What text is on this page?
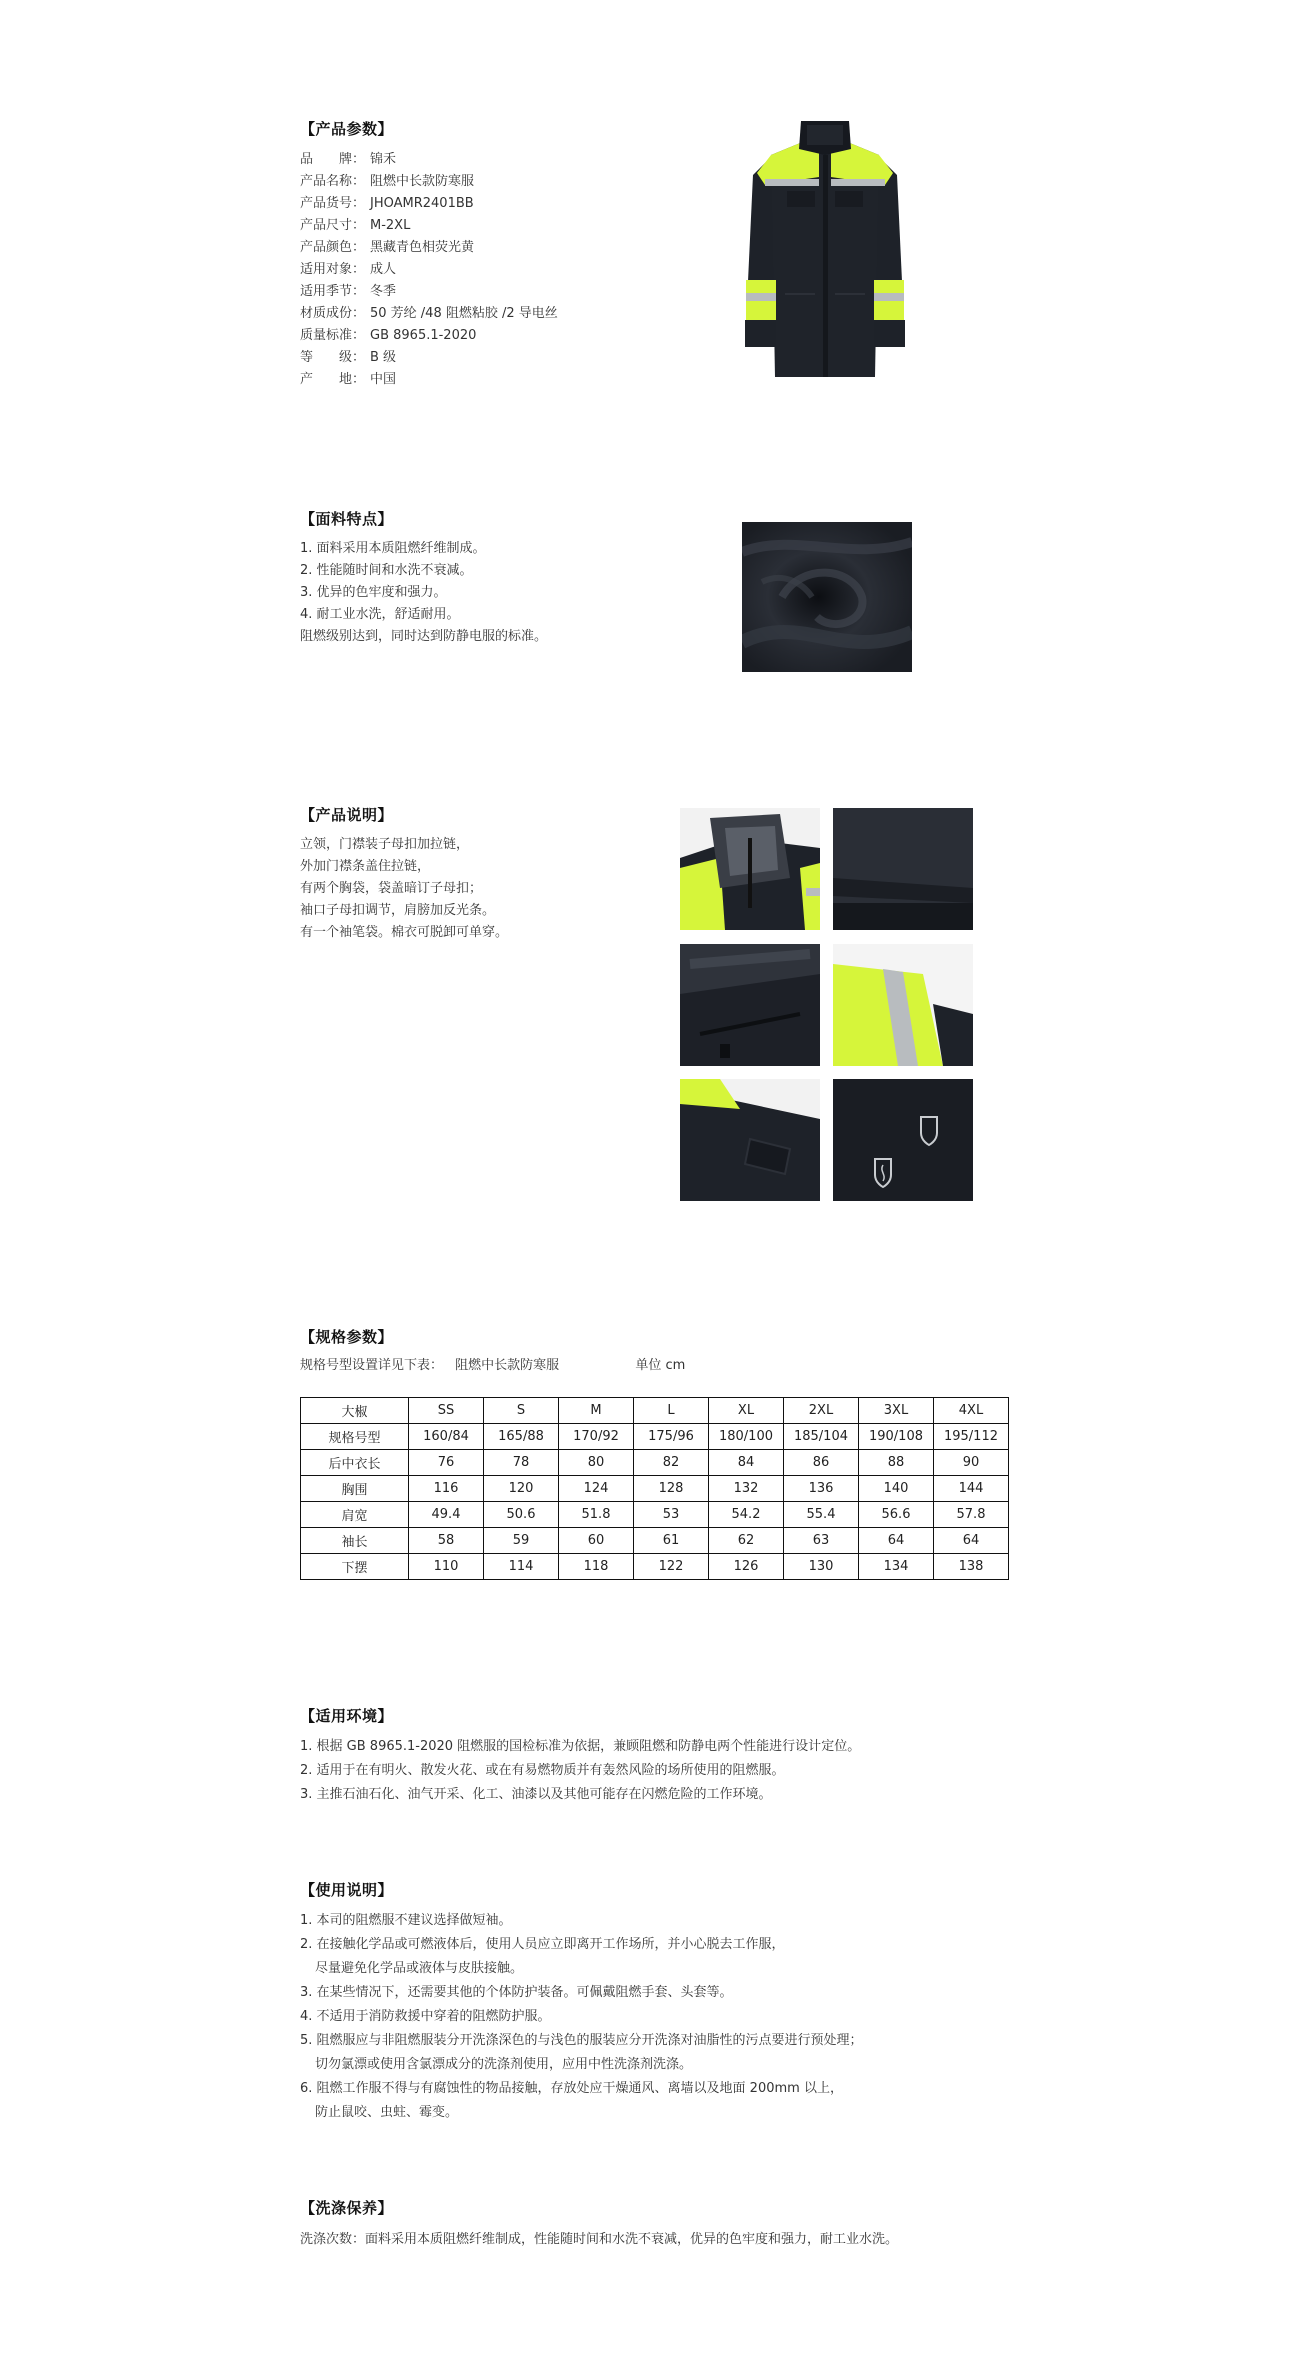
【产品参数】
品　　牌： 锦禾
产品名称： 阻燃中长款防寒服
产品货号： JHOAMR2401BB
产品尺寸： M-2XL
产品颜色： 黑藏青色相荧光黄
适用对象： 成人
适用季节： 冬季
材质成份： 50 芳纶 /48 阻燃粘胶 /2 导电丝
质量标准： GB 8965.1-2020
等　　级： B 级
产　　地： 中国
【面料特点】
1. 面料采用本质阻燃纤维制成。
2. 性能随时间和水洗不衰减。
3. 优异的色牢度和强力。
4. 耐工业水洗，舒适耐用。
阻燃级别达到，同时达到防静电服的标准。
【产品说明】
立领，门襟装子母扣加拉链，
外加门襟条盖住拉链，
有两个胸袋，袋盖暗订子母扣；
袖口子母扣调节，肩膀加反光条。
有一个袖笔袋。棉衣可脱卸可单穿。
【规格参数】
规格号型设置详见下表： 阻燃中长款防寒服	单位 cm
大椒	SS	S	M	L	XL	2XL	3XL	4XL
规格号型	160/84	165/88	170/92	175/96	180/100	185/104	190/108	195/112
后中衣长	76	78	80	82	84	86	88	90
胸围	116	120	124	128	132	136	140	144
肩宽	49.4	50.6	51.8	53	54.2	55.4	56.6	57.8
袖长	58	59	60	61	62	63	64	64
下摆	110	114	118	122	126	130	134	138
【适用环境】
1. 根据 GB 8965.1-2020 阻燃服的国检标准为依据，兼顾阻燃和防静电两个性能进行设计定位。
2. 适用于在有明火、散发火花、或在有易燃物质并有轰然风险的场所使用的阻燃服。
3. 主推石油石化、油气开采、化工、油漆以及其他可能存在闪燃危险的工作环境。
【使用说明】
1. 本司的阻燃服不建议选择做短袖。
2. 在接触化学品或可燃液体后，使用人员应立即离开工作场所，并小心脱去工作服，
尽量避免化学品或液体与皮肤接触。
3. 在某些情况下，还需要其他的个体防护装备。可佩戴阻燃手套、头套等。
4. 不适用于消防救援中穿着的阻燃防护服。
5. 阻燃服应与非阻燃服装分开洗涤深色的与浅色的服装应分开洗涤对油脂性的污点要进行预处理；
切勿氯漂或使用含氯漂成分的洗涤剂使用，应用中性洗涤剂洗涤。
6. 阻燃工作服不得与有腐蚀性的物品接触，存放处应干燥通风、离墙以及地面 200mm 以上，
防止鼠咬、虫蛀、霉变。
【洗涤保养】
洗涤次数：面料采用本质阻燃纤维制成，性能随时间和水洗不衰减，优异的色牢度和强力，耐工业水洗。
